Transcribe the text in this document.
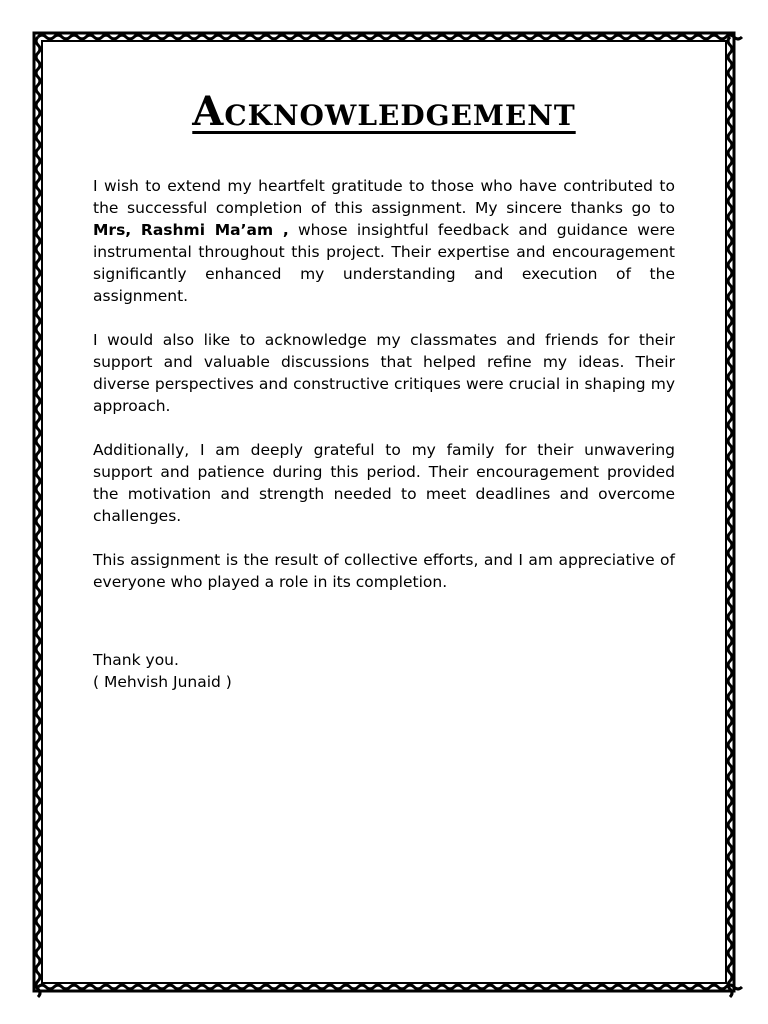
Acknowledgement

I wish to extend my heartfelt gratitude to those who have contributed to the successful completion of this assignment. My sincere thanks go to Mrs, Rashmi Ma’am , whose insightful feedback and guidance were instrumental throughout this project. Their expertise and encouragement significantly enhanced my understanding and execution of the assignment.

I would also like to acknowledge my classmates and friends for their support and valuable discussions that helped refine my ideas. Their diverse perspectives and constructive critiques were crucial in shaping my approach.

Additionally, I am deeply grateful to my family for their unwavering support and patience during this period. Their encouragement provided the motivation and strength needed to meet deadlines and overcome challenges.

This assignment is the result of collective efforts, and I am appreciative of everyone who played a role in its completion.

Thank you.
( Mehvish Junaid )
